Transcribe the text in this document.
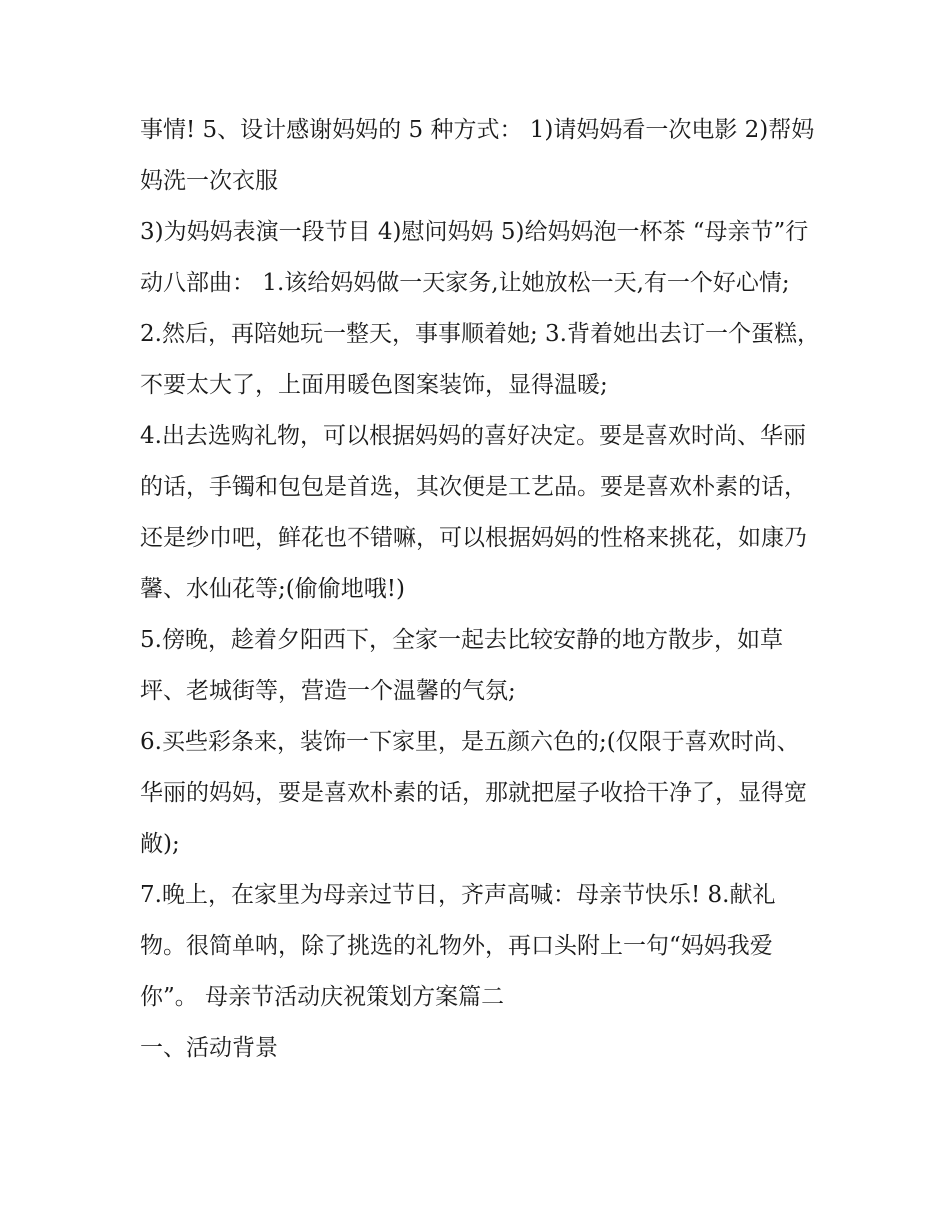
事情! 5、设计感谢妈妈的 5 种方式： 1)请妈妈看一次电影 2)帮妈妈洗一次衣服

3)为妈妈表演一段节目 4)慰问妈妈 5)给妈妈泡一杯茶 “母亲节”行动八部曲： 1.该给妈妈做一天家务,让她放松一天,有一个好心情;

2.然后，再陪她玩一整天，事事顺着她; 3.背着她出去订一个蛋糕，不要太大了，上面用暖色图案装饰，显得温暖;

4.出去选购礼物，可以根据妈妈的喜好决定。要是喜欢时尚、华丽的话，手镯和包包是首选，其次便是工艺品。要是喜欢朴素的话，还是纱巾吧，鲜花也不错嘛，可以根据妈妈的性格来挑花，如康乃馨、水仙花等;(偷偷地哦!)

5.傍晚，趁着夕阳西下，全家一起去比较安静的地方散步，如草坪、老城街等，营造一个温馨的气氛;

6.买些彩条来，装饰一下家里，是五颜六色的;(仅限于喜欢时尚、华丽的妈妈，要是喜欢朴素的话，那就把屋子收拾干净了，显得宽敞);

7.晚上，在家里为母亲过节日，齐声高喊：母亲节快乐! 8.献礼物。很简单呐，除了挑选的礼物外，再口头附上一句“妈妈我爱你”。 母亲节活动庆祝策划方案篇二

一、活动背景
